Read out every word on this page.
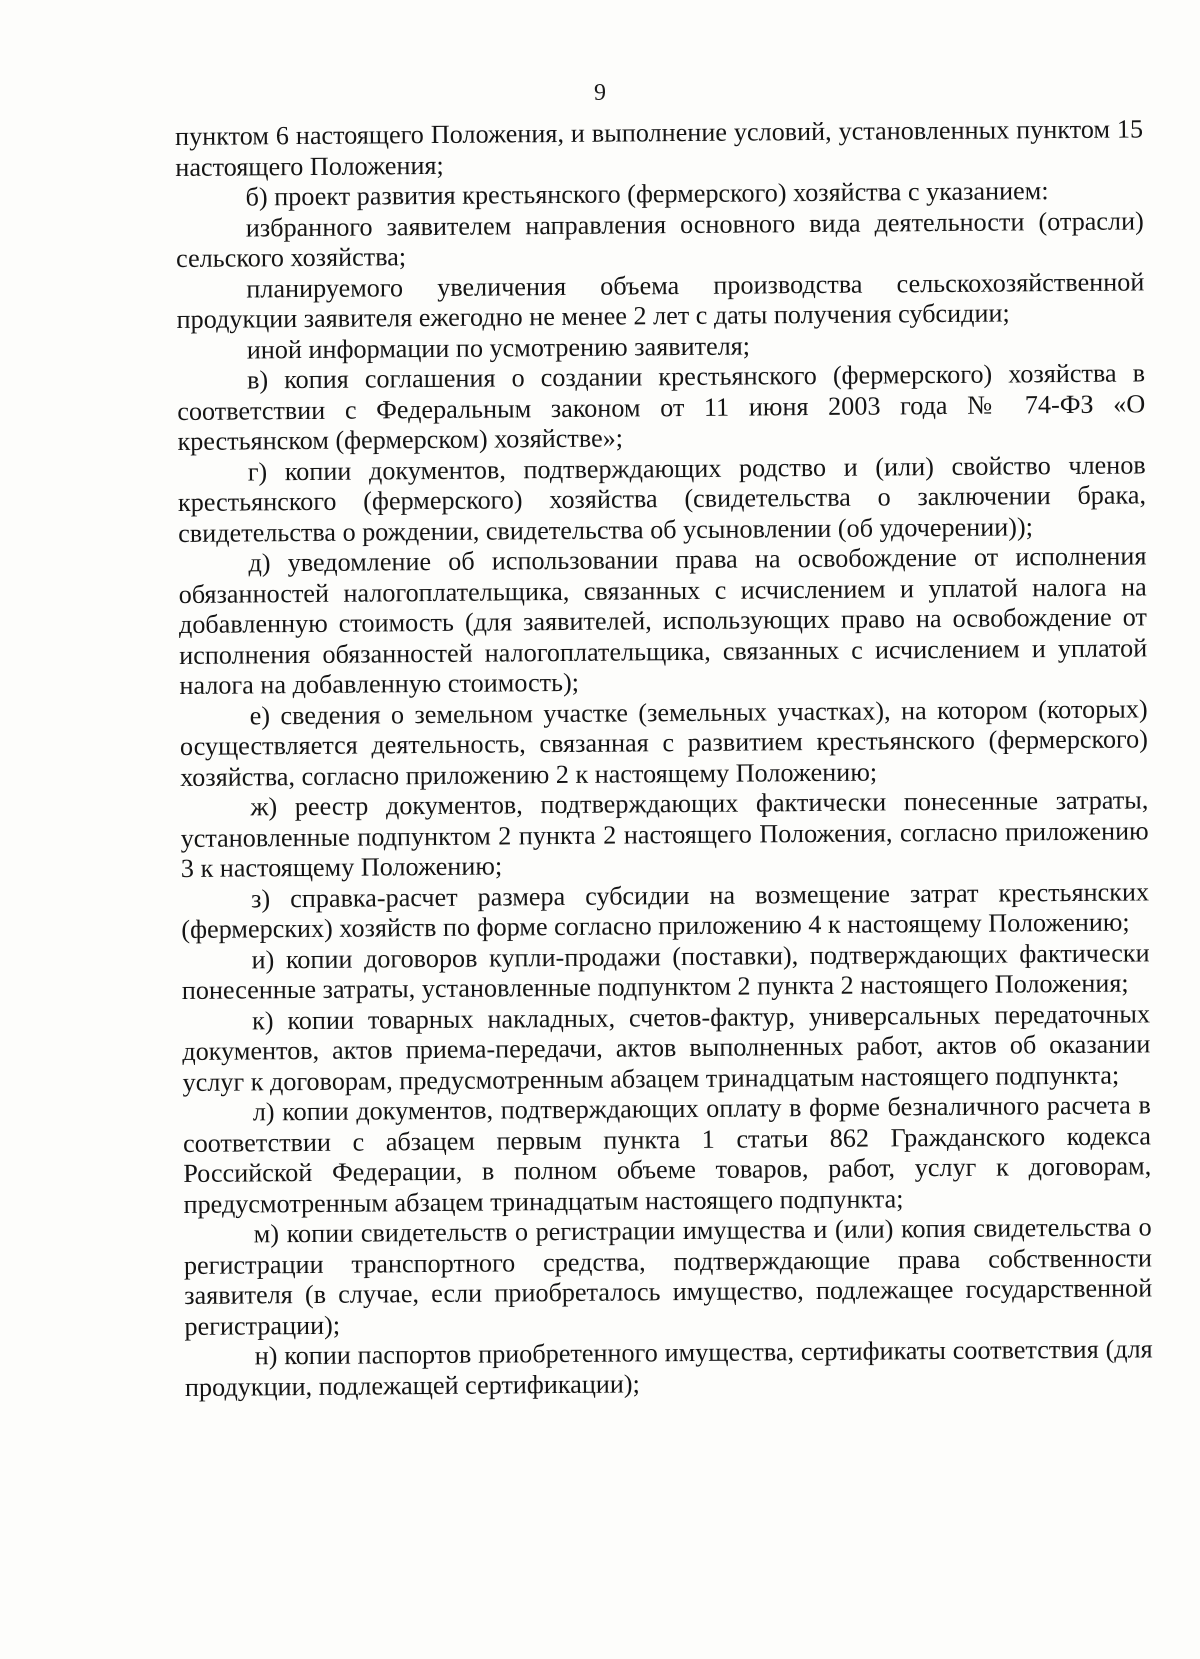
9

пунктом 6 настоящего Положения, и выполнение условий, установленных пунктом 15 настоящего Положения;

б) проект развития крестьянского (фермерского) хозяйства с указанием:

избранного заявителем направления основного вида деятельности (отрасли) сельского хозяйства;

планируемого увеличения объема производства сельскохозяйственной продукции заявителя ежегодно не менее 2 лет с даты получения субсидии;

иной информации по усмотрению заявителя;

в) копия соглашения о создании крестьянского (фермерского) хозяйства в соответствии с Федеральным законом от 11 июня 2003 года № 74-ФЗ «О крестьянском (фермерском) хозяйстве»;

г) копии документов, подтверждающих родство и (или) свойство членов крестьянского (фермерского) хозяйства (свидетельства о заключении брака, свидетельства о рождении, свидетельства об усыновлении (об удочерении));

д) уведомление об использовании права на освобождение от исполнения обязанностей налогоплательщика, связанных с исчислением и уплатой налога на добавленную стоимость (для заявителей, использующих право на освобождение от исполнения обязанностей налогоплательщика, связанных с исчислением и уплатой налога на добавленную стоимость);

е) сведения о земельном участке (земельных участках), на котором (которых) осуществляется деятельность, связанная с развитием крестьянского (фермерского) хозяйства, согласно приложению 2 к настоящему Положению;

ж) реестр документов, подтверждающих фактически понесенные затраты, установленные подпунктом 2 пункта 2 настоящего Положения, согласно приложению 3 к настоящему Положению;

з) справка-расчет размера субсидии на возмещение затрат крестьянских (фермерских) хозяйств по форме согласно приложению 4 к настоящему Положению;

и) копии договоров купли-продажи (поставки), подтверждающих фактически понесенные затраты, установленные подпунктом 2 пункта 2 настоящего Положения;

к) копии товарных накладных, счетов-фактур, универсальных передаточных документов, актов приема-передачи, актов выполненных работ, актов об оказании услуг к договорам, предусмотренным абзацем тринадцатым настоящего подпункта;

л) копии документов, подтверждающих оплату в форме безналичного расчета в соответствии с абзацем первым пункта 1 статьи 862 Гражданского кодекса Российской Федерации, в полном объеме товаров, работ, услуг к договорам, предусмотренным абзацем тринадцатым настоящего подпункта;

м) копии свидетельств о регистрации имущества и (или) копия свидетельства о регистрации транспортного средства, подтверждающие права собственности заявителя (в случае, если приобреталось имущество, подлежащее государственной регистрации);

н) копии паспортов приобретенного имущества, сертификаты соответствия (для продукции, подлежащей сертификации);
